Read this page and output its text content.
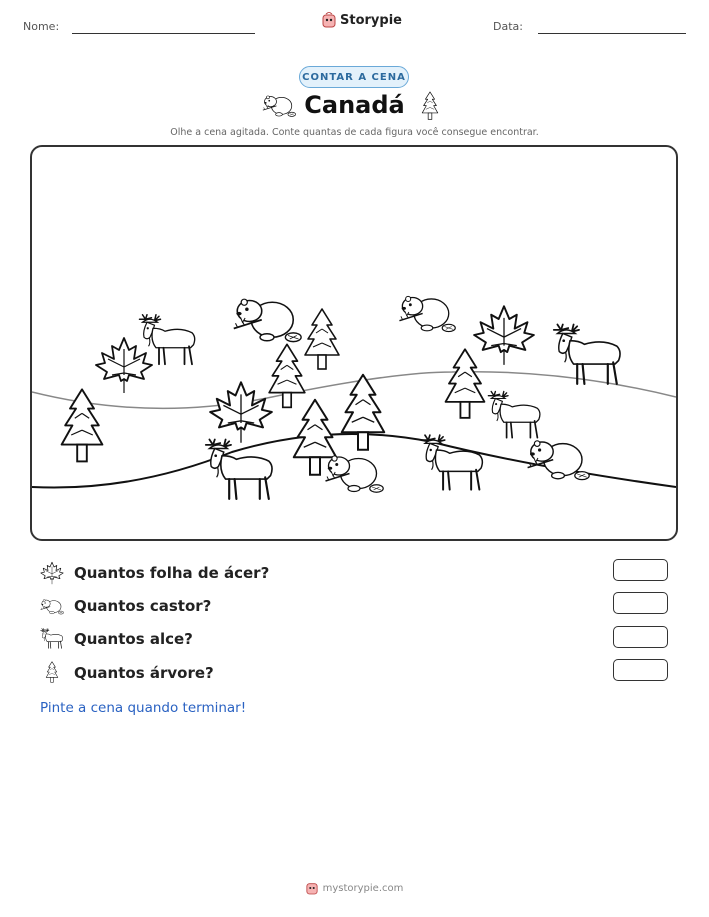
Nome:	Storypie	Data:
CONTAR A CENA
Canadá
Olhe a cena agitada. Conte quantas de cada figura você consegue encontrar.
Quantos folha de ácer?
Quantos castor?
Quantos alce?
Quantos árvore?
Pinte a cena quando terminar!
mystorypie.com
